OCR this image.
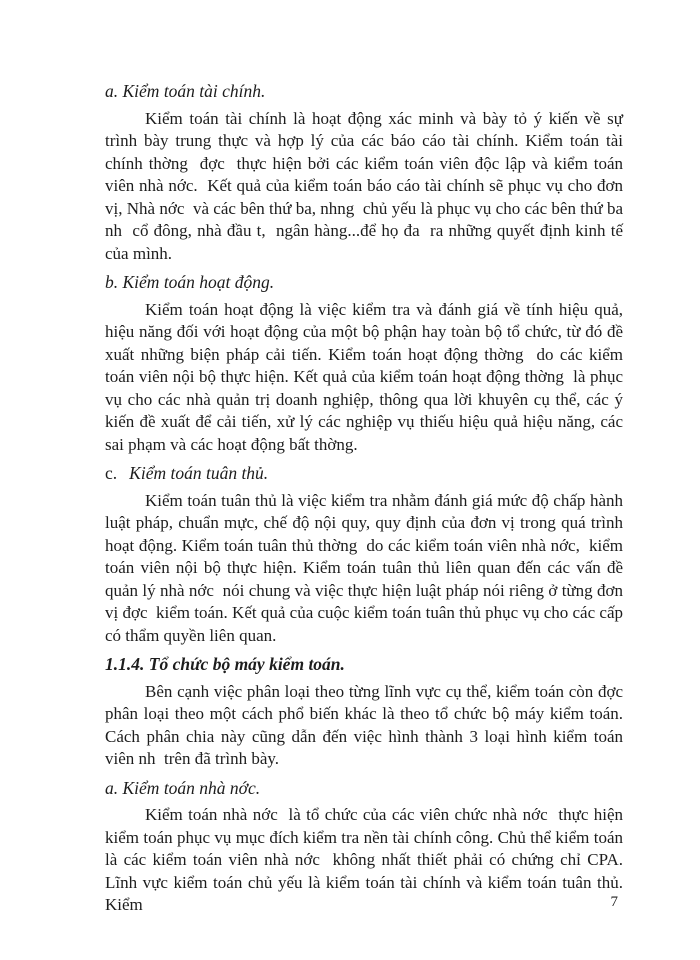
a. Kiểm toán tài chính.

Kiểm toán tài chính là hoạt động xác minh và bày tỏ ý kiến về sự trình bày trung thực và hợp lý của các báo cáo tài chính. Kiểm toán tài chính thờng  đợc  thực hiện bởi các kiểm toán viên độc lập và kiểm toán viên nhà nớc.  Kết quả của kiểm toán báo cáo tài chính sẽ phục vụ cho đơn vị, Nhà nớc  và các bên thứ ba, nhng  chủ yếu là phục vụ cho các bên thứ ba nh  cổ đông, nhà đầu t,  ngân hàng...để họ đa  ra những quyết định kinh tế của mình.

b. Kiểm toán hoạt động.

Kiểm toán hoạt động là việc kiểm tra và đánh giá về tính hiệu quả, hiệu năng đối với hoạt động của một bộ phận hay toàn bộ tổ chức, từ đó đề xuất những biện pháp cải tiến. Kiểm toán hoạt động thờng  do các kiểm toán viên nội bộ thực hiện. Kết quả của kiểm toán hoạt động thờng  là phục vụ cho các nhà quản trị doanh nghiệp, thông qua lời khuyên cụ thể, các ý kiến đề xuất để cải tiến, xử lý các nghiệp vụ thiếu hiệu quả hiệu năng, các sai phạm và các hoạt động bất thờng.

c. Kiểm toán tuân thủ.

Kiểm toán tuân thủ là việc kiểm tra nhằm đánh giá mức độ chấp hành luật pháp, chuẩn mực, chế độ nội quy, quy định của đơn vị trong quá trình hoạt động. Kiểm toán tuân thủ thờng  do các kiểm toán viên nhà nớc,  kiểm toán viên nội bộ thực hiện. Kiểm toán tuân thủ liên quan đến các vấn đề quản lý nhà nớc  nói chung và việc thực hiện luật pháp nói riêng ở từng đơn vị đợc  kiểm toán. Kết quả của cuộc kiểm toán tuân thủ phục vụ cho các cấp có thẩm quyền liên quan.

1.1.4. Tổ chức bộ máy kiểm toán.

Bên cạnh việc phân loại theo từng lĩnh vực cụ thể, kiểm toán còn đợc phân loại theo một cách phổ biến khác là theo tổ chức bộ máy kiểm toán. Cách phân chia này cũng dẫn đến việc hình thành 3 loại hình kiểm toán viên nh  trên đã trình bày.

a. Kiểm toán nhà nớc.

Kiểm toán nhà nớc  là tổ chức của các viên chức nhà nớc  thực hiện kiểm toán phục vụ mục đích kiểm tra nền tài chính công. Chủ thể kiểm toán là các kiểm toán viên nhà nớc  không nhất thiết phải có chứng chỉ CPA. Lĩnh vực kiểm toán chủ yếu là kiểm toán tài chính và kiểm toán tuân thủ. Kiểm	7
